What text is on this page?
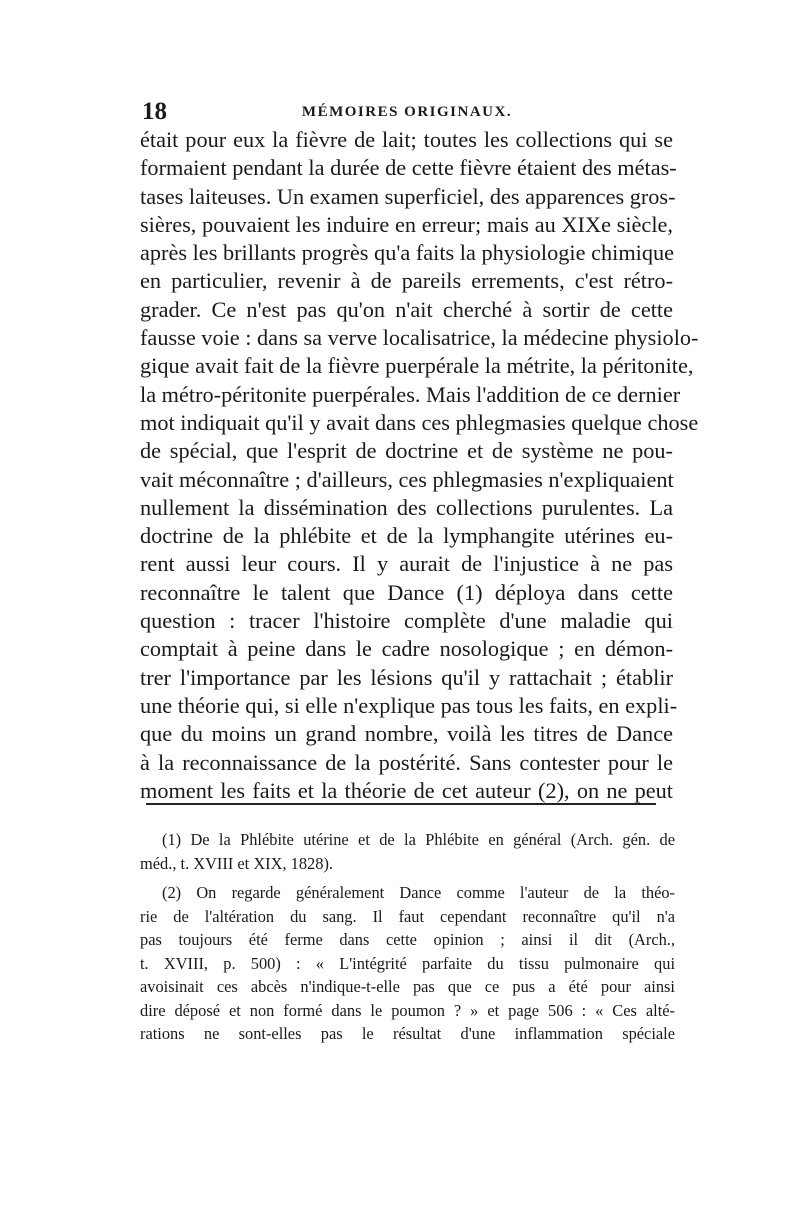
18	MÉMOIRES ORIGINAUX.
était pour eux la fièvre de lait; toutes les collections qui se
formaient pendant la durée de cette fièvre étaient des métas-
tases laiteuses. Un examen superficiel, des apparences gros-
sières, pouvaient les induire en erreur; mais au XIXe siècle,
après les brillants progrès qu'a faits la physiologie chimique
en particulier, revenir à de pareils errements, c'est rétro-
grader. Ce n'est pas qu'on n'ait cherché à sortir de cette
fausse voie : dans sa verve localisatrice, la médecine physiolo-
gique avait fait de la fièvre puerpérale la métrite, la péritonite,
la métro-péritonite puerpérales. Mais l'addition de ce dernier
mot indiquait qu'il y avait dans ces phlegmasies quelque chose
de spécial, que l'esprit de doctrine et de système ne pou-
vait méconnaître ; d'ailleurs, ces phlegmasies n'expliquaient
nullement la dissémination des collections purulentes. La
doctrine de la phlébite et de la lymphangite utérines eu-
rent aussi leur cours. Il y aurait de l'injustice à ne pas
reconnaître le talent que Dance (1) déploya dans cette
question : tracer l'histoire complète d'une maladie qui
comptait à peine dans le cadre nosologique ; en démon-
trer l'importance par les lésions qu'il y rattachait ; établir
une théorie qui, si elle n'explique pas tous les faits, en expli-
que du moins un grand nombre, voilà les titres de Dance
à la reconnaissance de la postérité. Sans contester pour le
moment les faits et la théorie de cet auteur (2), on ne peut
(1) De la Phlébite utérine et de la Phlébite en général (Arch. gén. de
méd., t. XVIII et XIX, 1828).
(2) On regarde généralement Dance comme l'auteur de la théo-
rie de l'altération du sang. Il faut cependant reconnaître qu'il n'a
pas toujours été ferme dans cette opinion ; ainsi il dit (Arch.,
t. XVIII, p. 500) : « L'intégrité parfaite du tissu pulmonaire qui
avoisinait ces abcès n'indique-t-elle pas que ce pus a été pour ainsi
dire déposé et non formé dans le poumon ? » et page 506 : « Ces alté-
rations ne sont-elles pas le résultat d'une inflammation spéciale
